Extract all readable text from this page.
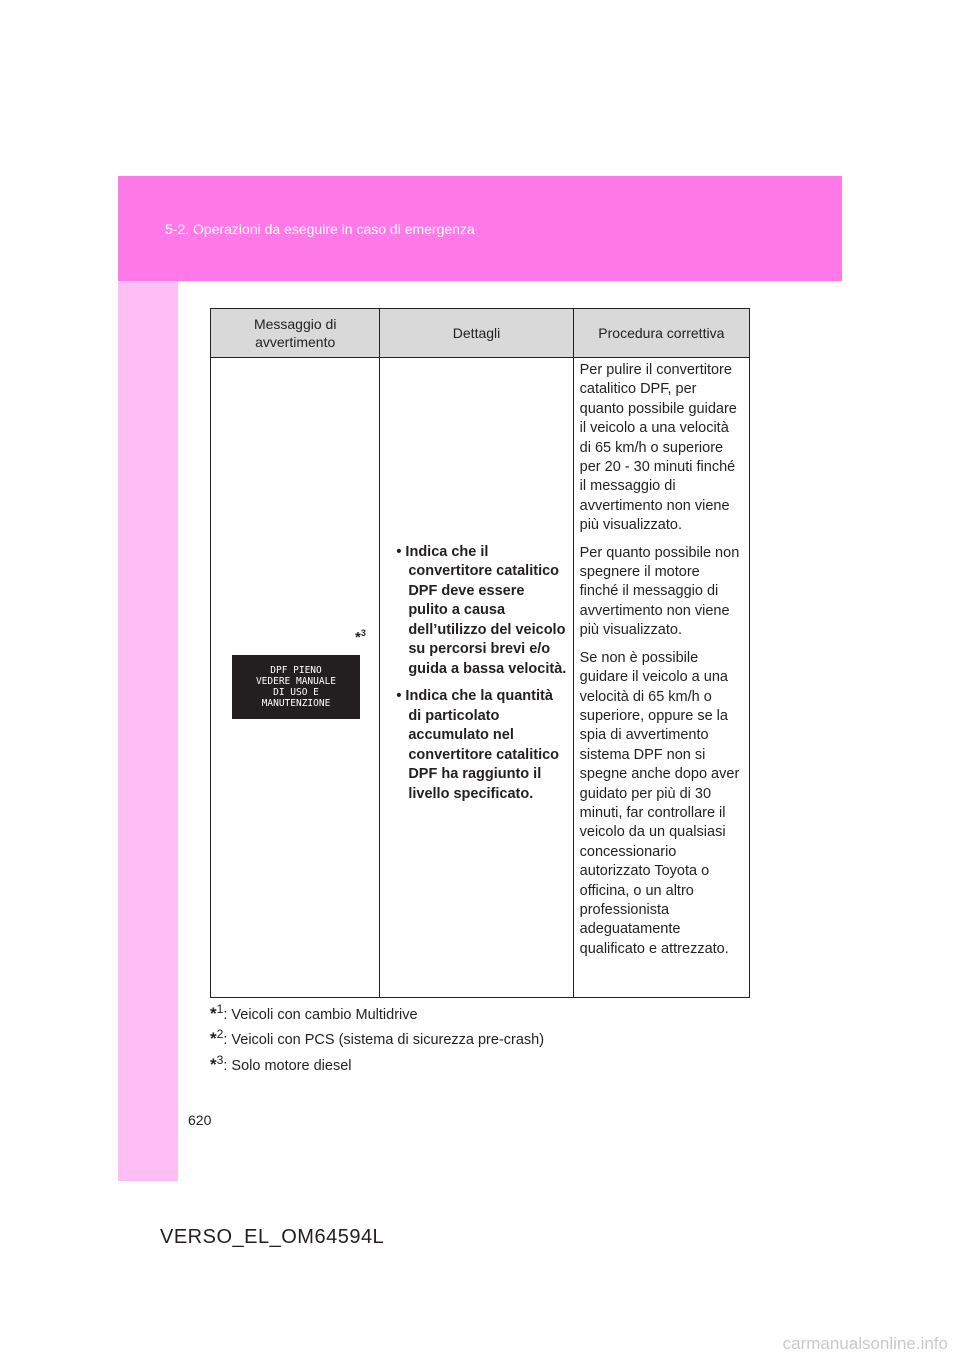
5-2. Operazioni da eseguire in caso di emergenza
Messaggio di avvertimento
Dettagli	Procedura correttiva
*$^3$
DPF PIENO
VEDERE MANUALE
DI USO E
MANUTENZIONE

• Indica che il convertitore catalitico DPF deve essere pulito a causa dell’utilizzo del veicolo su percorsi brevi e/o guida a bassa velocità.

• Indica che la quantità di particolato accumulato nel convertitore catalitico DPF ha raggiunto il livello specificato.

Per pulire il convertitore catalitico DPF, per quanto possibile guidare il veicolo a una velocità di 65 km/h o superiore per 20 - 30 minuti finché il messaggio di avvertimento non viene più visualizzato.

Per quanto possibile non spegnere il motore finché il messaggio di avvertimento non viene più visualizzato.

Se non è possibile guidare il veicolo a una velocità di 65 km/h o superiore, oppure se la spia di avvertimento sistema DPF non si spegne anche dopo aver guidato per più di 30 minuti, far controllare il veicolo da un qualsiasi concessionario autorizzato Toyota o officina, o un altro professionista adeguatamente qualificato e attrezzato.

*$^1$: Veicoli con cambio Multidrive
*$^2$: Veicoli con PCS (sistema di sicurezza pre-crash)
*$^3$: Solo motore diesel
620
VERSO_EL_OM64594L
carmanualsonline.info
